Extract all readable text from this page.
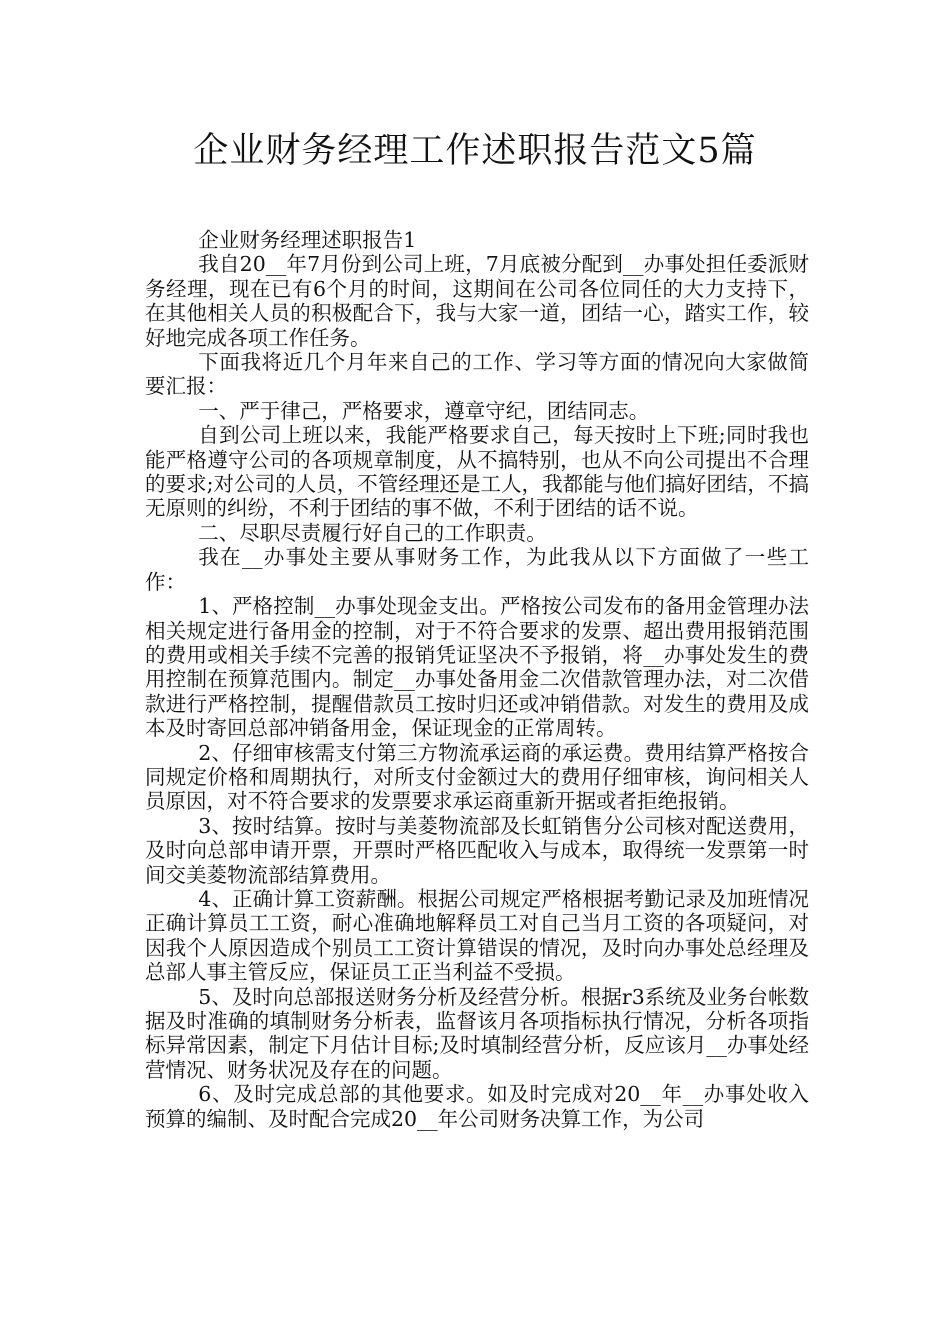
企业财务经理工作述职报告范文5篇

企业财务经理述职报告1

我自20__年7月份到公司上班，7月底被分配到__办事处担任委派财务经理，现在已有6个月的时间，这期间在公司各位同任的大力支持下，在其他相关人员的积极配合下，我与大家一道，团结一心，踏实工作，较好地完成各项工作任务。

下面我将近几个月年来自己的工作、学习等方面的情况向大家做简要汇报：

一、严于律己，严格要求，遵章守纪，团结同志。

自到公司上班以来，我能严格要求自己，每天按时上下班;同时我也能严格遵守公司的各项规章制度，从不搞特别，也从不向公司提出不合理的要求;对公司的人员，不管经理还是工人，我都能与他们搞好团结，不搞无原则的纠纷，不利于团结的事不做，不利于团结的话不说。

二、尽职尽责履行好自己的工作职责。

我在__办事处主要从事财务工作，为此我从以下方面做了一些工作：

1、严格控制__办事处现金支出。严格按公司发布的备用金管理办法相关规定进行备用金的控制，对于不符合要求的发票、超出费用报销范围的费用或相关手续不完善的报销凭证坚决不予报销，将__办事处发生的费用控制在预算范围内。制定__办事处备用金二次借款管理办法，对二次借款进行严格控制，提醒借款员工按时归还或冲销借款。对发生的费用及成本及时寄回总部冲销备用金，保证现金的正常周转。

2、仔细审核需支付第三方物流承运商的承运费。费用结算严格按合同规定价格和周期执行，对所支付金额过大的费用仔细审核，询问相关人员原因，对不符合要求的发票要求承运商重新开据或者拒绝报销。

3、按时结算。按时与美菱物流部及长虹销售分公司核对配送费用，及时向总部申请开票，开票时严格匹配收入与成本，取得统一发票第一时间交美菱物流部结算费用。

4、正确计算工资薪酬。根据公司规定严格根据考勤记录及加班情况正确计算员工工资，耐心准确地解释员工对自己当月工资的各项疑问，对因我个人原因造成个别员工工资计算错误的情况，及时向办事处总经理及总部人事主管反应，保证员工正当利益不受损。

5、及时向总部报送财务分析及经营分析。根据r3系统及业务台帐数据及时准确的填制财务分析表，监督该月各项指标执行情况，分析各项指标异常因素，制定下月估计目标;及时填制经营分析，反应该月__办事处经营情况、财务状况及存在的问题。

6、及时完成总部的其他要求。如及时完成对20__年__办事处收入预算的编制、及时配合完成20__年公司财务决算工作，为公司
